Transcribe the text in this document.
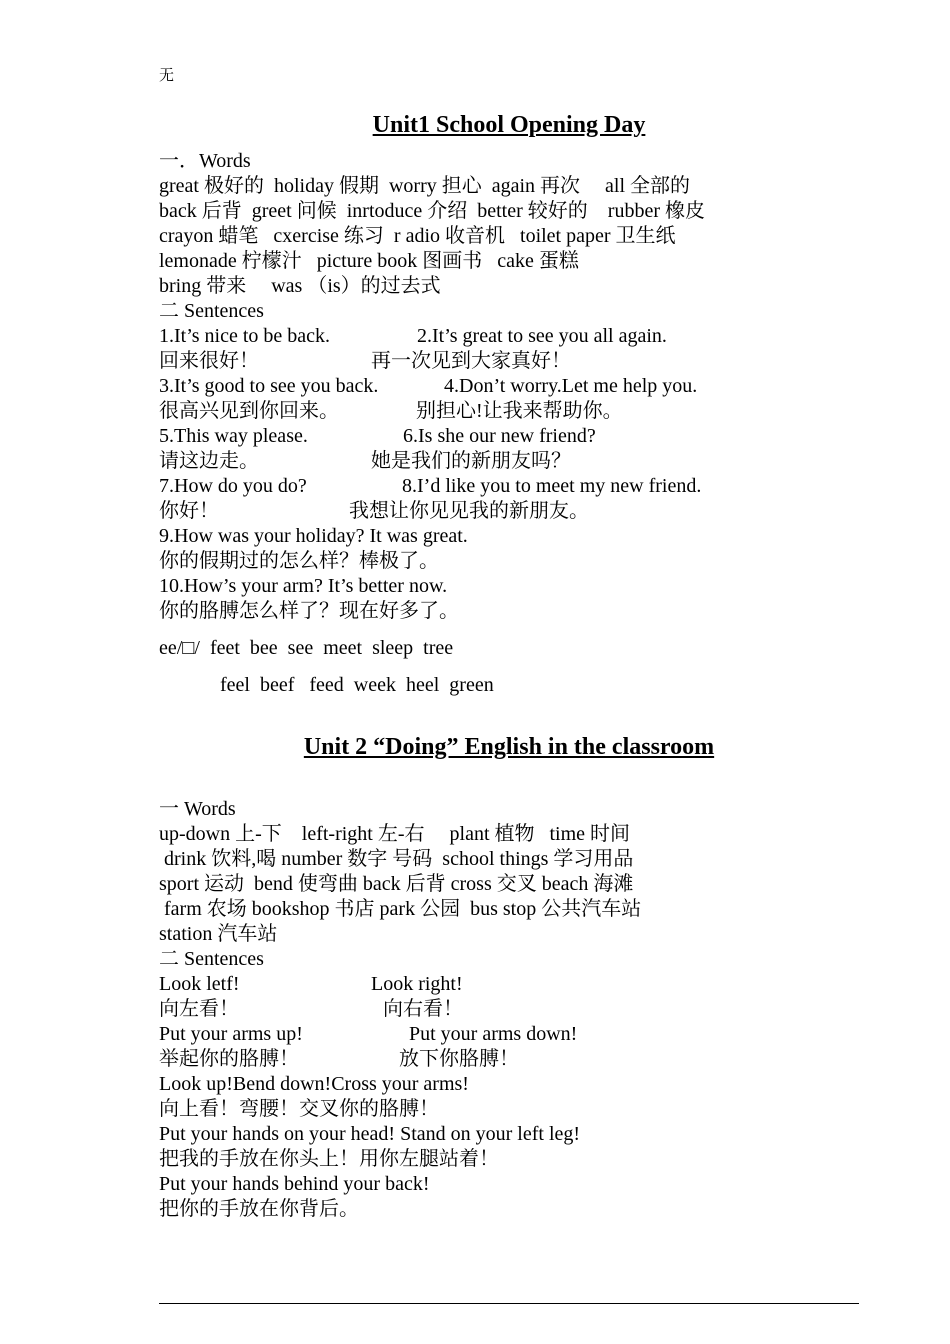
无
Unit1 School Opening Day
一．Words
great 极好的  holiday 假期  worry 担心  again 再次     all 全部的
back 后背  greet 问候  inrtoduce 介绍  better 较好的    rubber 橡皮
crayon 蜡笔   cxercise 练习  r adio 收音机   toilet paper 卫生纸
lemonade 柠檬汁   picture book 图画书   cake 蛋糕
bring 带来     was （is）的过去式
二 Sentences
1.It’s nice to be back.	2.It’s great to see you all again.
回来很好！	再一次见到大家真好！
3.It’s good to see you back.	4.Don’t worry.Let me help you.
很高兴见到你回来。	别担心!让我来帮助你。
5.This way please.	6.Is she our new friend?
请这边走。	她是我们的新朋友吗？
7.How do you do?	8.I’d like you to meet my new friend.
你好！	我想让你见见我的新朋友。
9.How was your holiday? It was great.
你的假期过的怎么样？棒极了。
10.How’s your arm? It’s better now.
你的胳膊怎么样了？现在好多了。
ee/□/  feet  bee  see  meet  sleep  tree
feel  beef   feed  week  heel  green
Unit 2 “Doing” English in the classroom
一 Words
up-down 上-下    left-right 左-右     plant 植物   time 时间
drink 饮料,喝 number 数字 号码  school things 学习用品
sport 运动  bend 使弯曲 back 后背 cross 交叉 beach 海滩
farm 农场 bookshop 书店 park 公园  bus stop 公共汽车站
station 汽车站
二 Sentences
Look letf!	Look right!
向左看！	向右看！
Put your arms up!	Put your arms down!
举起你的胳膊！	放下你胳膊！
Look up!Bend down!Cross your arms!
向上看！弯腰！交叉你的胳膊！
Put your hands on your head! Stand on your left leg!
把我的手放在你头上！用你左腿站着！
Put your hands behind your back!
把你的手放在你背后。
